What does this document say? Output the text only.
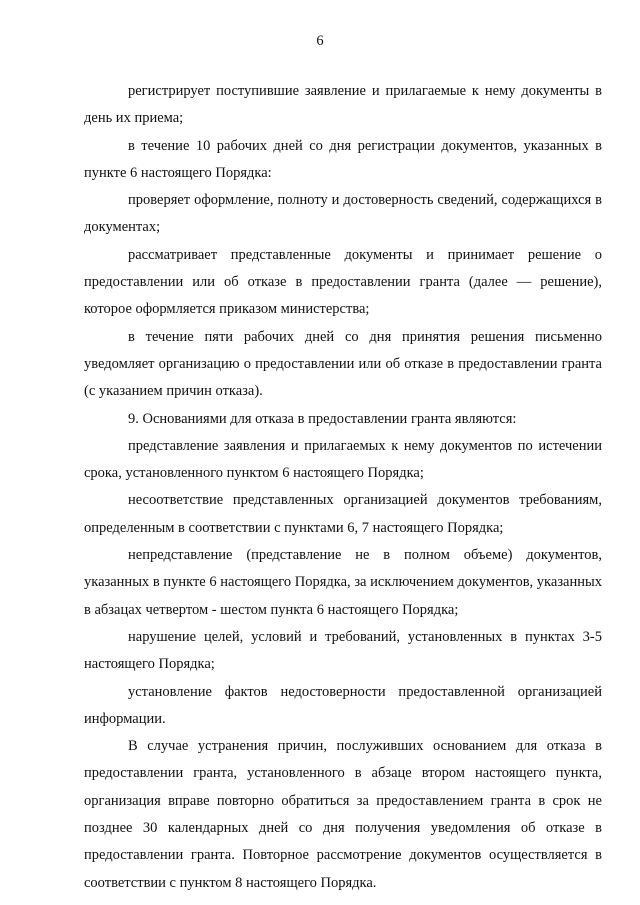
6

регистрирует поступившие заявление и прилагаемые к нему документы в день их приема;

в течение 10 рабочих дней со дня регистрации документов, указанных в пункте 6 настоящего Порядка:

проверяет оформление, полноту и достоверность сведений, содержащихся в документах;

рассматривает представленные документы и принимает решение о предоставлении или об отказе в предоставлении гранта (далее — решение), которое оформляется приказом министерства;

в течение пяти рабочих дней со дня принятия решения письменно уведомляет организацию о предоставлении или об отказе в предоставлении гранта (с указанием причин отказа).

9. Основаниями для отказа в предоставлении гранта являются:

представление заявления и прилагаемых к нему документов по истечении срока, установленного пунктом 6 настоящего Порядка;

несоответствие представленных организацией документов требованиям, определенным в соответствии с пунктами 6, 7 настоящего Порядка;

непредставление (представление не в полном объеме) документов, указанных в пункте 6 настоящего Порядка, за исключением документов, указанных в абзацах четвертом - шестом пункта 6 настоящего Порядка;

нарушение целей, условий и требований, установленных в пунктах 3-5 настоящего Порядка;

установление фактов недостоверности предоставленной организацией информации.

В случае устранения причин, послуживших основанием для отказа в предоставлении гранта, установленного в абзаце втором настоящего пункта, организация вправе повторно обратиться за предоставлением гранта в срок не позднее 30 календарных дней со дня получения уведомления об отказе в предоставлении гранта. Повторное рассмотрение документов осуществляется в соответствии с пунктом 8 настоящего Порядка.
